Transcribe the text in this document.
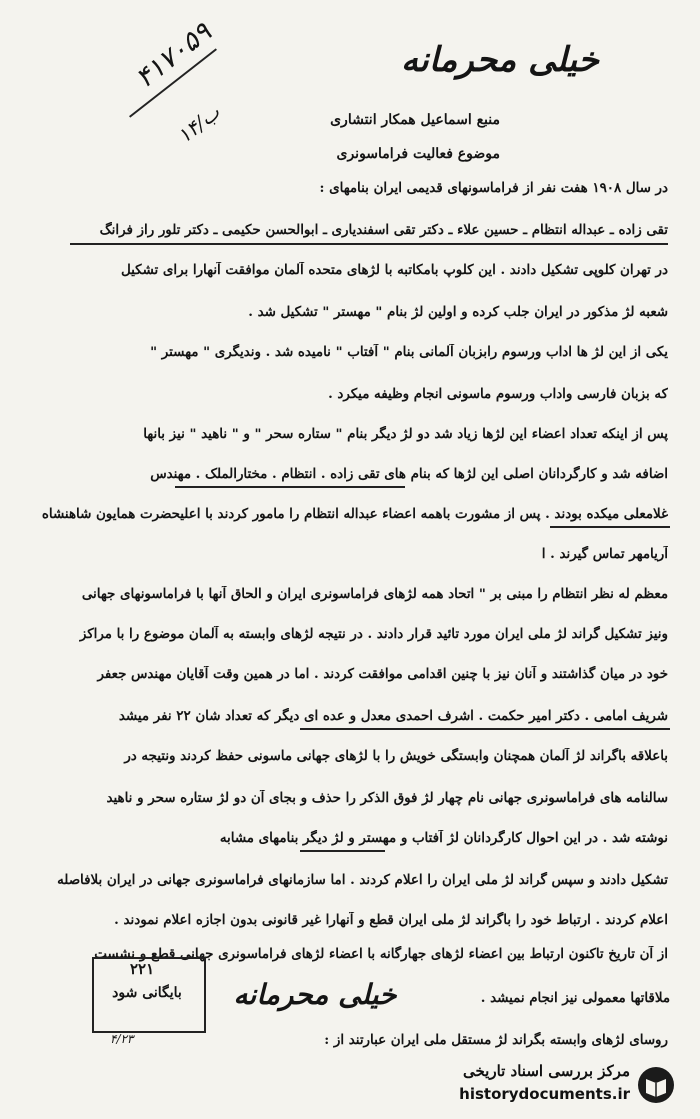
خیلی محرمانه
منبع اسماعیل همکار انتشاری
موضوع فعالیت فراماسونری
۴۱۷۰۵۹
۱۴/ب
در سال ۱۹۰۸ هفت نفر از فراماسونهای قدیمی ایران بنامهای :
تقی زاده ـ عبداله انتظام ـ حسین علاء ـ دکتر تقی اسفندیاری ـ ابوالحسن حکیمی ـ دکتر تلور راز فرانگ
در تهران کلوپی تشکیل دادند . این کلوپ بامکاتبه با لژهای متحده آلمان موافقت آنهارا برای تشکیل
شعبه لژ مذکور در ایران جلب کرده و اولین لژ بنام " مهستر " تشکیل شد .
یکی از این لژ ها اداب ورسوم رابزبان آلمانی بنام " آفتاب " نامیده شد . وندیگری " مهستر "
که بزبان فارسی واداب ورسوم ماسونی انجام وظیفه میکرد .
پس از اینکه تعداد اعضاء این لژها زیاد شد دو لژ دیگر بنام " ستاره سحر " و " ناهید " نیز بانها
اضافه شد و کارگردانان اصلی این لژها که بنام های تقی زاده . انتظام . مختارالملک . مهندس
غلامعلی میکده بودند . پس از مشورت باهمه اعضاء عبداله انتظام را مامور کردند با اعلیحضرت همایون شاهنشاه
آریامهر تماس گیرند . ا
معظم له نظر انتظام را مبنی بر " اتحاد همه لژهای فراماسونری ایران و الحاق آنها با فراماسونهای جهانی
ونیز تشکیل گراند لژ ملی ایران مورد تائید قرار دادند . در نتیجه لژهای وابسته به آلمان موضوع را با مراکز
خود در میان گذاشتند و آنان نیز با چنین اقدامی موافقت کردند . اما در همین وقت آقایان مهندس جعفر
شریف امامی . دکتر امیر حکمت . اشرف احمدی معدل و عده ای دیگر که تعداد شان ۲۲ نفر میشد
باعلاقه باگراند لژ آلمان همچنان وابستگی خویش را با لژهای جهانی ماسونی حفظ کردند ونتیجه در
سالنامه های فراماسونری جهانی نام چهار لژ فوق الذکر را حذف و بجای آن دو لژ ستاره سحر و ناهید
نوشته شد . در این احوال کارگردانان لژ آفتاب و مهستر و لژ دیگر بنامهای مشابه
تشکیل دادند و سپس گراند لژ ملی ایران را اعلام کردند . اما سازمانهای فراماسونری جهانی در ایران بلافاصله
اعلام کردند . ارتباط خود را باگراند لژ ملی ایران قطع و آنهارا غیر قانونی بدون اجازه اعلام نمودند .
از آن تاریخ تاکنون ارتباط بین اعضاء لژهای جهارگانه با اعضاء لژهای فراماسونری جهانی قطع و نشست
ملاقاتها معمولی نیز انجام نمیشد .
روسای لژهای وابسته بگراند لژ مستقل ملی ایران عبارتند از :
۲۲۱
بایگانی شود
۴/۲۳
خیلی محرمانه
مرکز بررسی اسناد تاریخی
historydocuments.ir
